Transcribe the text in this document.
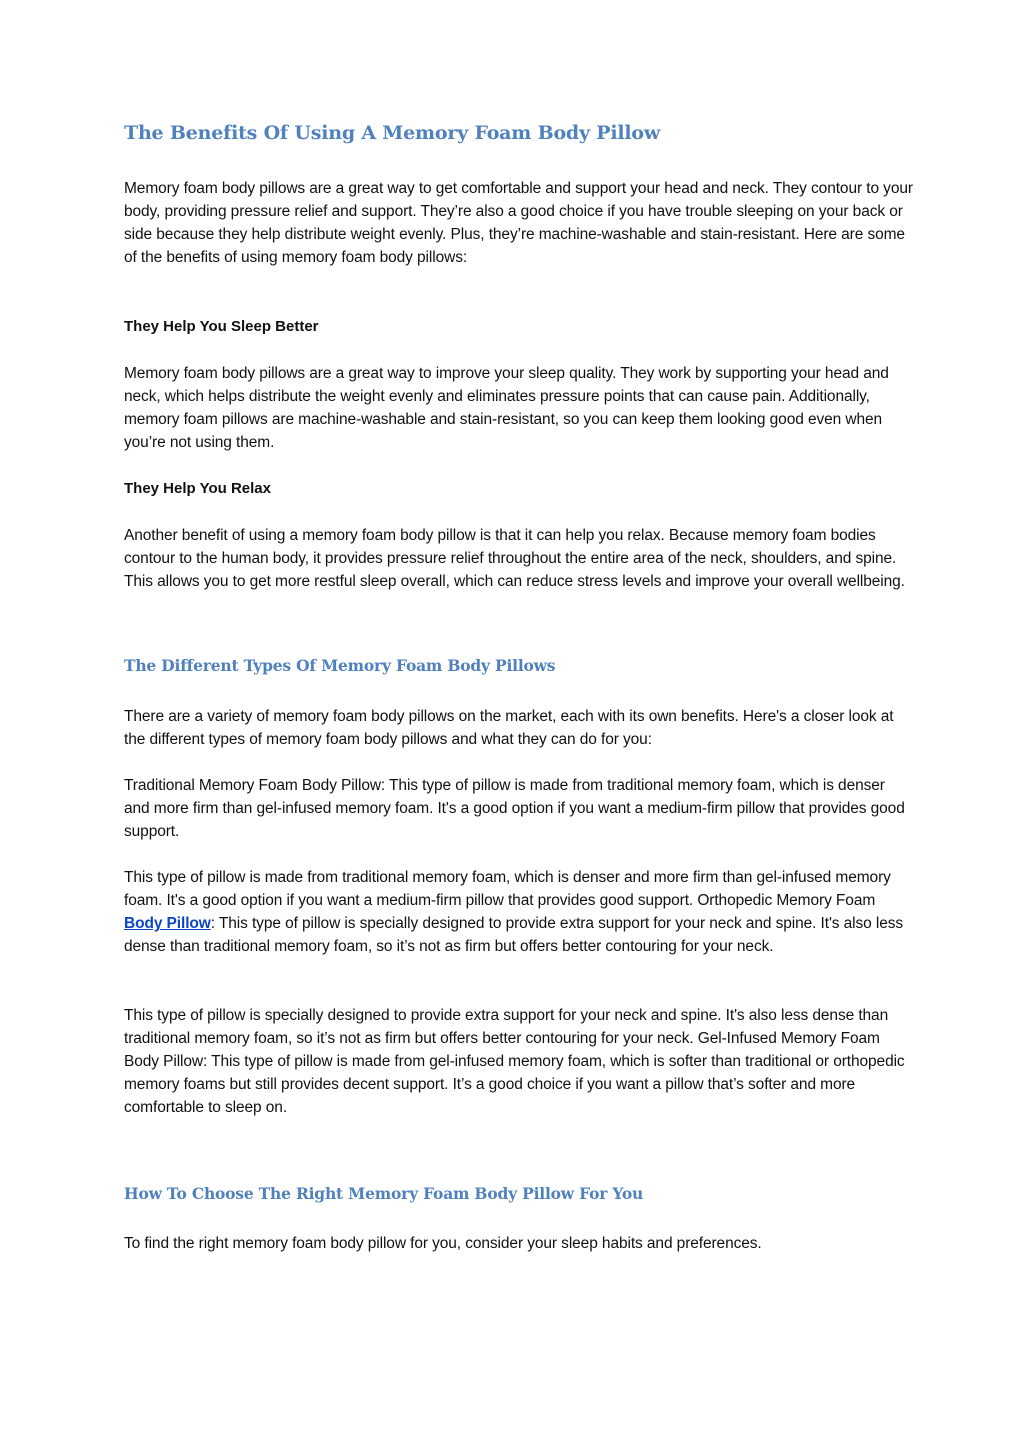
The Benefits Of Using A Memory Foam Body Pillow

Memory foam body pillows are a great way to get comfortable and support your head and neck. They contour to your body, providing pressure relief and support. They’re also a good choice if you have trouble sleeping on your back or side because they help distribute weight evenly. Plus, they’re machine-washable and stain-resistant. Here are some of the benefits of using memory foam body pillows:

They Help You Sleep Better

Memory foam body pillows are a great way to improve your sleep quality. They work by supporting your head and neck, which helps distribute the weight evenly and eliminates pressure points that can cause pain. Additionally, memory foam pillows are machine-washable and stain-resistant, so you can keep them looking good even when you’re not using them.

They Help You Relax

Another benefit of using a memory foam body pillow is that it can help you relax. Because memory foam bodies contour to the human body, it provides pressure relief throughout the entire area of the neck, shoulders, and spine. This allows you to get more restful sleep overall, which can reduce stress levels and improve your overall wellbeing.

The Different Types Of Memory Foam Body Pillows

There are a variety of memory foam body pillows on the market, each with its own benefits. Here's a closer look at the different types of memory foam body pillows and what they can do for you:

Traditional Memory Foam Body Pillow: This type of pillow is made from traditional memory foam, which is denser and more firm than gel-infused memory foam. It's a good option if you want a medium-firm pillow that provides good support.

This type of pillow is made from traditional memory foam, which is denser and more firm than gel-infused memory foam. It's a good option if you want a medium-firm pillow that provides good support. Orthopedic Memory Foam Body Pillow: This type of pillow is specially designed to provide extra support for your neck and spine. It's also less dense than traditional memory foam, so it’s not as firm but offers better contouring for your neck.

This type of pillow is specially designed to provide extra support for your neck and spine. It's also less dense than traditional memory foam, so it’s not as firm but offers better contouring for your neck. Gel-Infused Memory Foam Body Pillow: This type of pillow is made from gel-infused memory foam, which is softer than traditional or orthopedic memory foams but still provides decent support. It’s a good choice if you want a pillow that’s softer and more comfortable to sleep on.

How To Choose The Right Memory Foam Body Pillow For You

To find the right memory foam body pillow for you, consider your sleep habits and preferences.
